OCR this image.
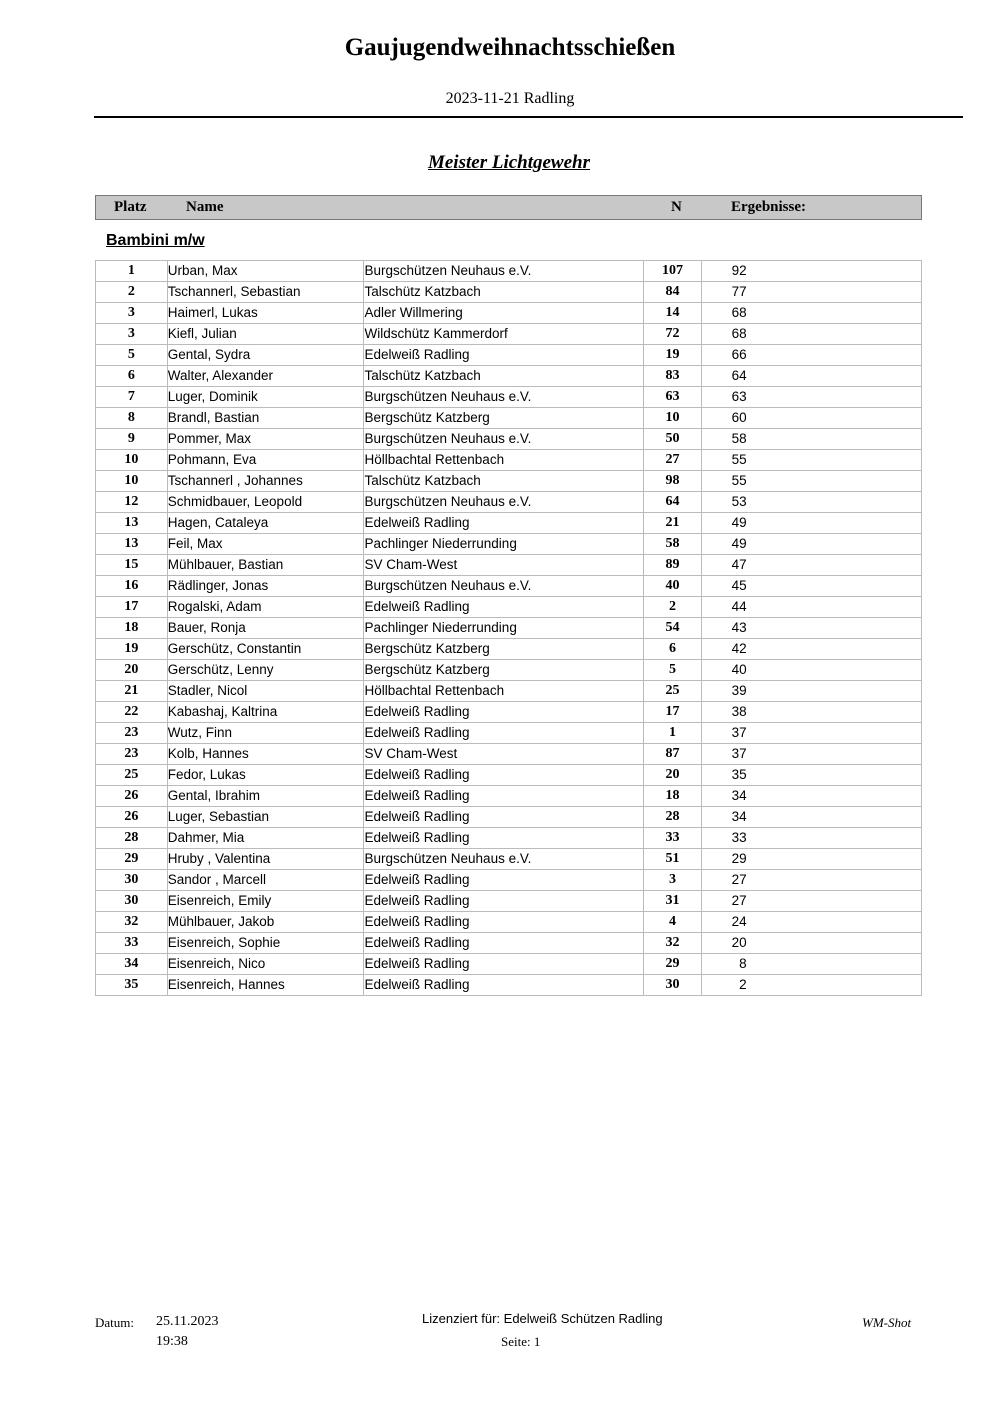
Gaujugendweihnachtsschießen
2023-11-21 Radling
Meister Lichtgewehr
Platz	Name	N	Ergebnisse:
Bambini m/w
1	Urban, Max	Burgschützen Neuhaus e.V.	107	92
2	Tschannerl, Sebastian	Talschütz Katzbach	84	77
3	Haimerl, Lukas	Adler Willmering	14	68
3	Kiefl, Julian	Wildschütz Kammerdorf	72	68
5	Gental, Sydra	Edelweiß Radling	19	66
6	Walter, Alexander	Talschütz Katzbach	83	64
7	Luger, Dominik	Burgschützen Neuhaus e.V.	63	63
8	Brandl, Bastian	Bergschütz Katzberg	10	60
9	Pommer, Max	Burgschützen Neuhaus e.V.	50	58
10	Pohmann, Eva	Höllbachtal Rettenbach	27	55
10	Tschannerl , Johannes	Talschütz Katzbach	98	55
12	Schmidbauer, Leopold	Burgschützen Neuhaus e.V.	64	53
13	Hagen, Cataleya	Edelweiß Radling	21	49
13	Feil, Max	Pachlinger Niederrunding	58	49
15	Mühlbauer, Bastian	SV Cham-West	89	47
16	Rädlinger, Jonas	Burgschützen Neuhaus e.V.	40	45
17	Rogalski, Adam	Edelweiß Radling	2	44
18	Bauer, Ronja	Pachlinger Niederrunding	54	43
19	Gerschütz, Constantin	Bergschütz Katzberg	6	42
20	Gerschütz, Lenny	Bergschütz Katzberg	5	40
21	Stadler, Nicol	Höllbachtal Rettenbach	25	39
22	Kabashaj, Kaltrina	Edelweiß Radling	17	38
23	Wutz, Finn	Edelweiß Radling	1	37
23	Kolb, Hannes	SV Cham-West	87	37
25	Fedor, Lukas	Edelweiß Radling	20	35
26	Gental, Ibrahim	Edelweiß Radling	18	34
26	Luger, Sebastian	Edelweiß Radling	28	34
28	Dahmer, Mia	Edelweiß Radling	33	33
29	Hruby , Valentina	Burgschützen Neuhaus e.V.	51	29
30	Sandor , Marcell	Edelweiß Radling	3	27
30	Eisenreich, Emily	Edelweiß Radling	31	27
32	Mühlbauer, Jakob	Edelweiß Radling	4	24
33	Eisenreich, Sophie	Edelweiß Radling	32	20
34	Eisenreich, Nico	Edelweiß Radling	29	8
35	Eisenreich, Hannes	Edelweiß Radling	30	2
Datum: 25.11.2023
19:38
Lizenziert für: Edelweiß Schützen Radling
Seite: 1
WM-Shot
